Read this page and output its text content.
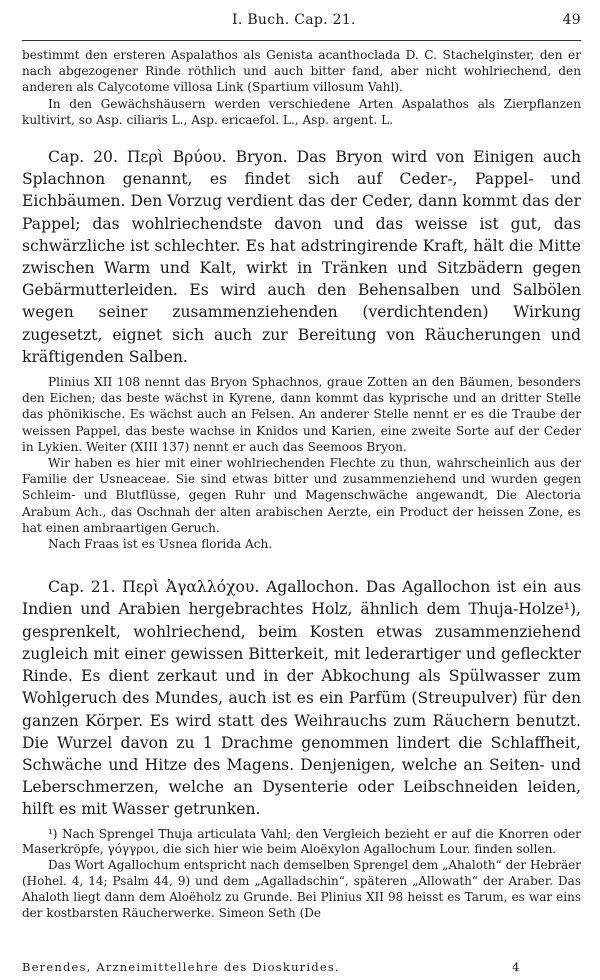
I. Buch. Cap. 21.	49

bestimmt den ersteren Aspalathos als Genista acanthoclada D. C. Stachelginster, den er nach abgezogener Rinde röthlich und auch bitter fand, aber nicht wohlriechend, den anderen als Calycotome villosa Link (Spartium villosum Vahl).

In den Gewächshäusern werden verschiedene Arten Aspalathos als Zierpflanzen kultivirt, so Asp. ciliaris L., Asp. ericaefol. L., Asp. argent. L.

Cap. 20. Περὶ Βρύου. Bryon. Das Bryon wird von Einigen auch Splachnon genannt, es findet sich auf Ceder-, Pappel- und Eichbäumen. Den Vorzug verdient das der Ceder, dann kommt das der Pappel; das wohlriechendste davon und das weisse ist gut, das schwärzliche ist schlechter. Es hat adstringirende Kraft, hält die Mitte zwischen Warm und Kalt, wirkt in Tränken und Sitzbädern gegen Gebärmutterleiden. Es wird auch den Behensalben und Salbölen wegen seiner zusammenziehenden (verdichtenden) Wirkung zugesetzt, eignet sich auch zur Bereitung von Räucherungen und kräftigenden Salben.

Plinius XII 108 nennt das Bryon Sphachnos, graue Zotten an den Bäumen, besonders den Eichen; das beste wächst in Kyrene, dann kommt das kyprische und an dritter Stelle das phönikische. Es wächst auch an Felsen. An anderer Stelle nennt er es die Traube der weissen Pappel, das beste wachse in Knidos und Karien, eine zweite Sorte auf der Ceder in Lykien. Weiter (XIII 137) nennt er auch das Seemoos Bryon.

Wir haben es hier mit einer wohlriechenden Flechte zu thun, wahrscheinlich aus der Familie der Usneaceae. Sie sind etwas bitter und zusammenziehend und wurden gegen Schleim- und Blutflüsse, gegen Ruhr und Magenschwäche angewandt, Die Alectoria Arabum Ach., das Oschnah der alten arabischen Aerzte, ein Product der heissen Zone, es hat einen ambraartigen Geruch.

Nach Fraas ist es Usnea florida Ach.

Cap. 21. Περὶ Ἀγαλλόχου. Agallochon. Das Agallochon ist ein aus Indien und Arabien hergebrachtes Holz, ähnlich dem Thuja-Holze¹), gesprenkelt, wohlriechend, beim Kosten etwas zusammenziehend zugleich mit einer gewissen Bitterkeit, mit lederartiger und gefleckter Rinde. Es dient zerkaut und in der Abkochung als Spülwasser zum Wohlgeruch des Mundes, auch ist es ein Parfüm (Streupulver) für den ganzen Körper. Es wird statt des Weihrauchs zum Räuchern benutzt. Die Wurzel davon zu 1 Drachme genommen lindert die Schlaffheit, Schwäche und Hitze des Magens. Denjenigen, welche an Seiten- und Leberschmerzen, welche an Dysenterie oder Leibschneiden leiden, hilft es mit Wasser getrunken.

¹) Nach Sprengel Thuja articulata Vahl; den Vergleich bezieht er auf die Knorren oder Maserkröpfe, γόγγροι, die sich hier wie beim Aloëxylon Agallochum Lour. finden sollen.

Das Wort Agallochum entspricht nach demselben Sprengel dem „Ahaloth“ der Hebräer (Hohel. 4, 14; Psalm 44, 9) und dem „Agalladschin“, späteren „Allowath“ der Araber. Das Ahaloth liegt dann dem Aloëholz zu Grunde. Bei Plinius XII 98 heisst es Tarum, es war eins der kostbarsten Räucherwerke. Simeon Seth (De

Berendes, Arzneimittellehre des Dioskurides.	4
